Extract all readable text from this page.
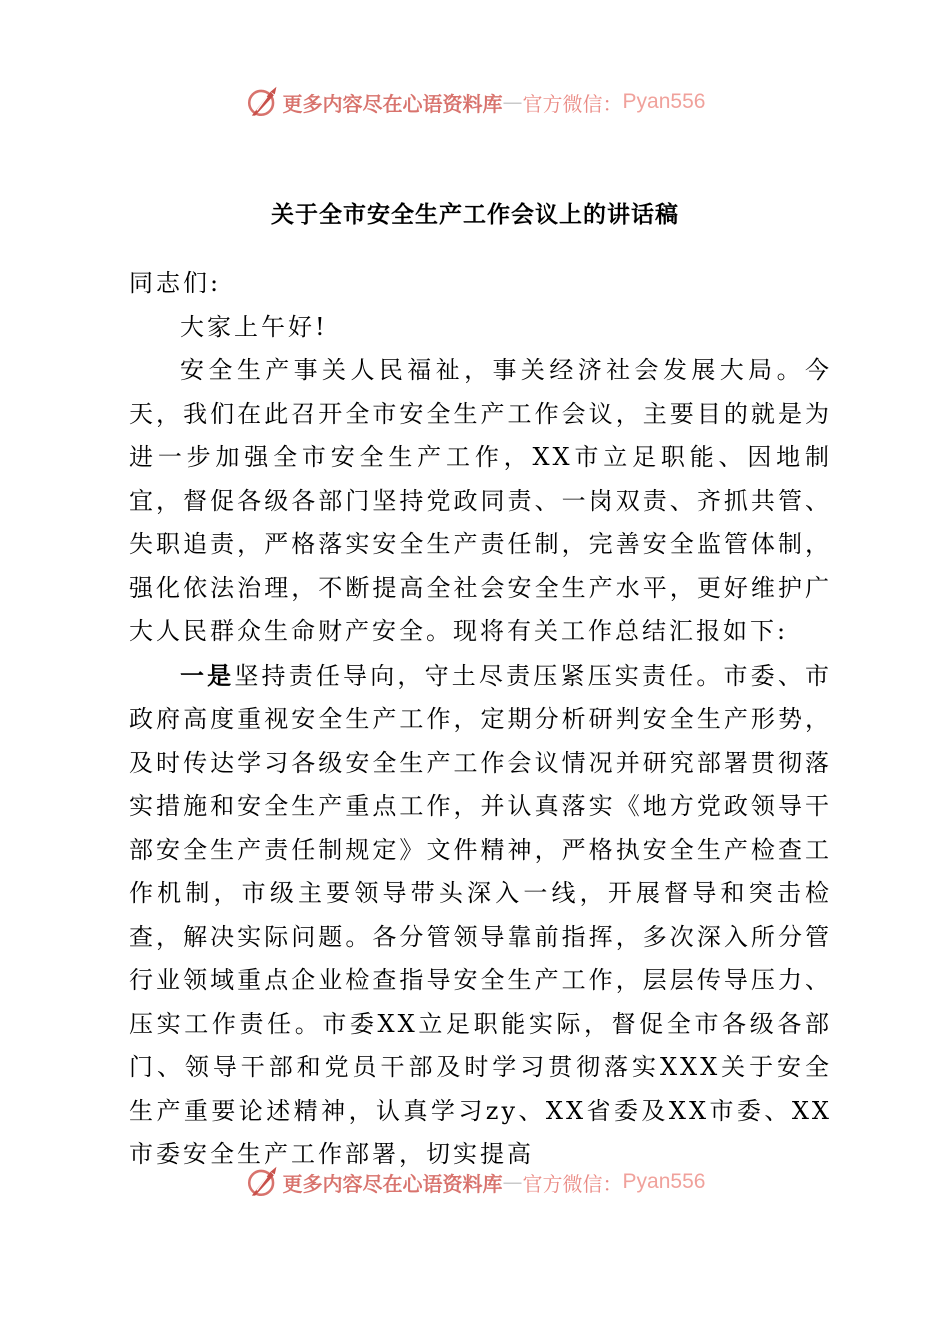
更多内容尽在心语资料库 — 官方微信： Pyan556
关于全市安全生产工作会议上的讲话稿

同志们:

大家上午好!

安全生产事关人民福祉，事关经济社会发展大局。今天，我们在此召开全市安全生产工作会议，主要目的就是为进一步加强全市安全生产工作，XX市立足职能、因地制宜，督促各级各部门坚持党政同责、一岗双责、齐抓共管、失职追责，严格落实安全生产责任制，完善安全监管体制，强化依法治理，不断提高全社会安全生产水平，更好维护广大人民群众生命财产安全。现将有关工作总结汇报如下:

一是坚持责任导向，守土尽责压紧压实责任。市委、市政府高度重视安全生产工作，定期分析研判安全生产形势，及时传达学习各级安全生产工作会议情况并研究部署贯彻落实措施和安全生产重点工作，并认真落实《地方党政领导干部安全生产责任制规定》文件精神，严格执安全生产检查工作机制，市级主要领导带头深入一线，开展督导和突击检查，解决实际问题。各分管领导靠前指挥，多次深入所分管行业领域重点企业检查指导安全生产工作，层层传导压力、压实工作责任。市委XX立足职能实际，督促全市各级各部门、领导干部和党员干部及时学习贯彻落实XXX关于安全生产重要论述精神，认真学习zy、XX省委及XX市委、XX市委安全生产工作部署，切实提高

更多内容尽在心语资料库 — 官方微信： Pyan556
